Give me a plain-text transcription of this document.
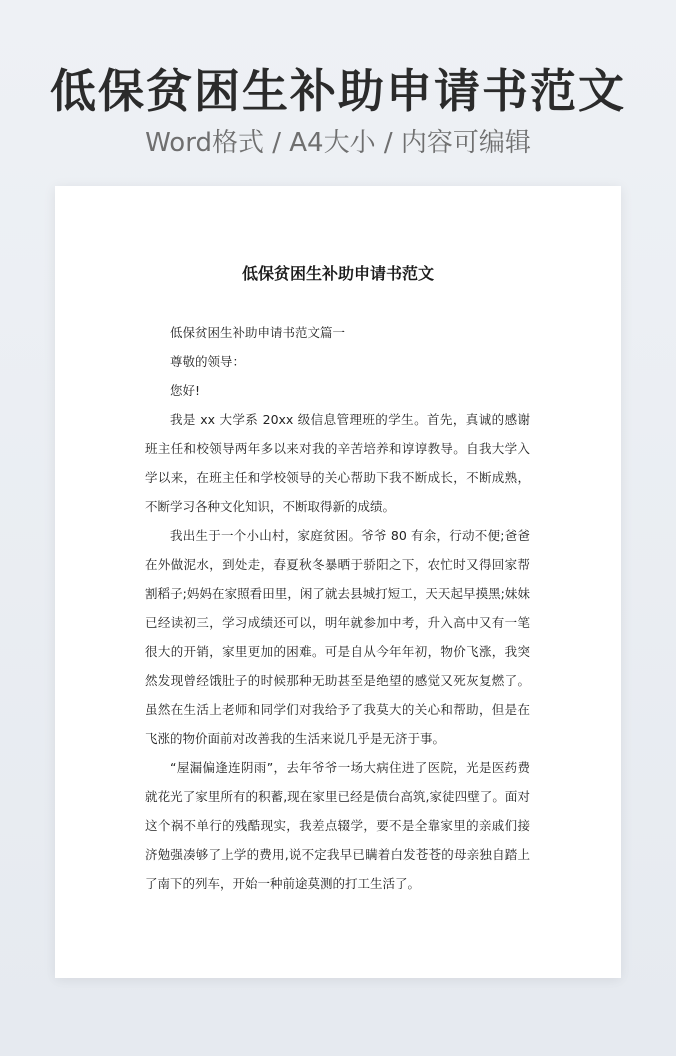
低保贫困生补助申请书范文
Word格式 / A4大小 / 内容可编辑
低保贫困生补助申请书范文

低保贫困生补助申请书范文篇一

尊敬的领导：

您好!

我是 xx 大学系 20xx 级信息管理班的学生。首先，真诚的感谢班主任和校领导两年多以来对我的辛苦培养和谆谆教导。自我大学入学以来，在班主任和学校领导的关心帮助下我不断成长，不断成熟，不断学习各种文化知识，不断取得新的成绩。

我出生于一个小山村，家庭贫困。爷爷 80 有余，行动不便;爸爸在外做泥水，到处走，春夏秋冬暴晒于骄阳之下，农忙时又得回家帮割稻子;妈妈在家照看田里，闲了就去县城打短工，天天起早摸黑;妹妹已经读初三，学习成绩还可以，明年就参加中考，升入高中又有一笔很大的开销，家里更加的困难。可是自从今年年初，物价飞涨，我突然发现曾经饿肚子的时候那种无助甚至是绝望的感觉又死灰复燃了。虽然在生活上老师和同学们对我给予了我莫大的关心和帮助，但是在飞涨的物价面前对改善我的生活来说几乎是无济于事。

“屋漏偏逢连阴雨”，去年爷爷一场大病住进了医院，光是医药费就花光了家里所有的积蓄,现在家里已经是债台高筑,家徒四壁了。面对这个祸不单行的残酷现实，我差点辍学，要不是全靠家里的亲戚们接济勉强凑够了上学的费用,说不定我早已瞒着白发苍苍的母亲独自踏上了南下的列车，开始一种前途莫测的打工生活了。
